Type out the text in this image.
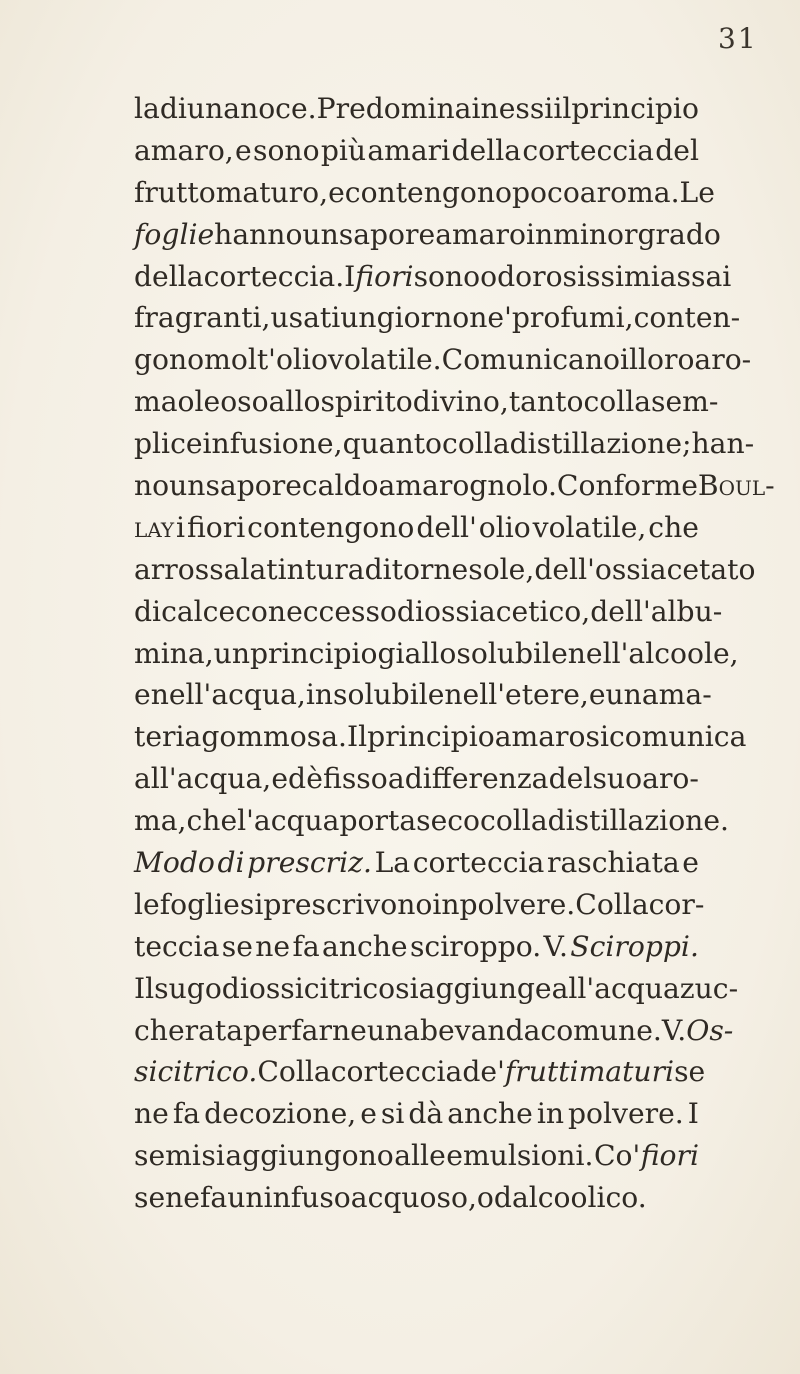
31
la di una noce. Predomina in essi il principio
amaro, e sono più amari della corteccia del
frutto maturo, e contengono poco aroma. Le
foglie hanno un sapore amaro in minor grado
della corteccia. I fiori sono odorosissimi assai
fragranti, usati un giorno ne' profumi, conten-
gono molt' olio volatile. Comunicano il loro aro-
ma oleoso allo spirito di vino, tanto colla sem-
plice infusione, quanto colla distillazione; han-
no un sapore caldo amarognolo. Conforme Boul-
lay i fiori contengono dell' olio volatile, che
arrossa la tintura di tornesole, dell' ossiacetato
di calce con eccesso di ossiacetico, dell' albu-
mina, un principio giallo solubile nell' alcoole,
e nell' acqua, insolubile nell' etere, e una ma-
teria gommosa. Il principio amaro si comunica
all' acqua, ed è fisso a differenza del suo aro-
ma, che l' acqua porta seco colla distillazione.
Modo di prescriz. La corteccia raschiata e
le foglie si prescrivono in polvere. Colla cor-
teccia se ne fa anche sciroppo. V. Sciroppi.
Il sugo di ossicitrico si aggiunge all' acqua zuc-
cherata per farne una bevanda comune. V. Os-
sicitrico. Colla corteccia de' frutti maturi se
ne fa decozione, e si dà anche in polvere. I
semi si aggiungono alle emulsioni. Co' fiori
se ne fa un infuso acquoso, od alcoolico.
